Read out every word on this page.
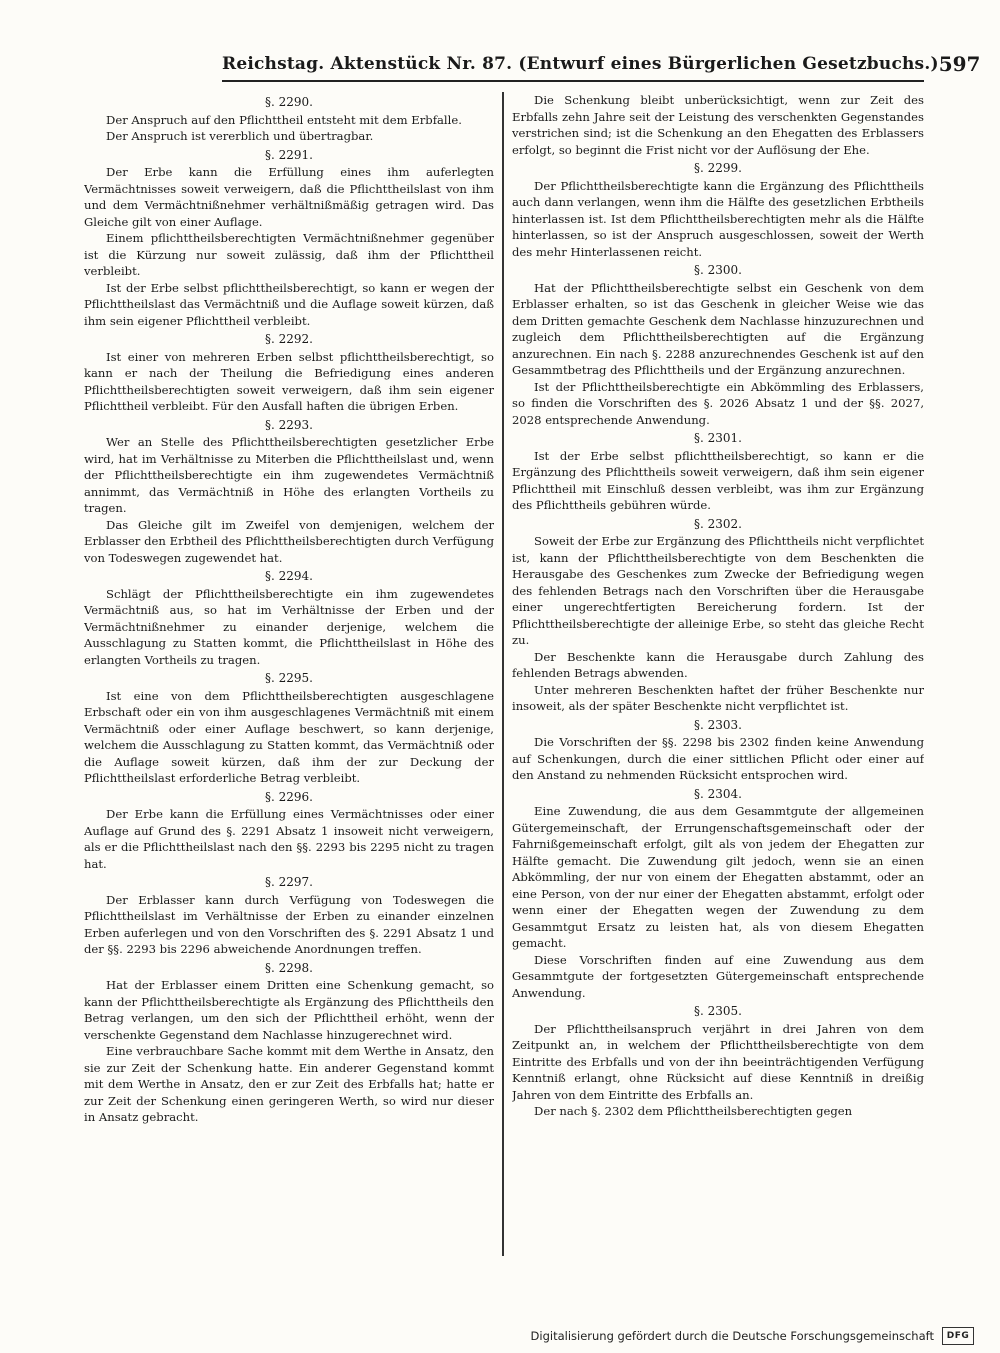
Reichstag. Aktenstück Nr. 87. (Entwurf eines Bürgerlichen Gesetzbuchs.) 597
§. 2290.

Der Anspruch auf den Pflichttheil entsteht mit dem Erbfalle.

Der Anspruch ist vererblich und übertragbar.

§. 2291.

Der Erbe kann die Erfüllung eines ihm auferlegten Vermächtnisses soweit verweigern, daß die Pflichttheilslast von ihm und dem Vermächtnißnehmer verhältnißmäßig getragen wird. Das Gleiche gilt von einer Auflage.

Einem pflichttheilsberechtigten Vermächtnißnehmer gegenüber ist die Kürzung nur soweit zulässig, daß ihm der Pflichttheil verbleibt.

Ist der Erbe selbst pflichttheilsberechtigt, so kann er wegen der Pflichttheilslast das Vermächtniß und die Auflage soweit kürzen, daß ihm sein eigener Pflichttheil verbleibt.

§. 2292.

Ist einer von mehreren Erben selbst pflichttheilsberechtigt, so kann er nach der Theilung die Befriedigung eines anderen Pflichttheilsberechtigten soweit verweigern, daß ihm sein eigener Pflichttheil verbleibt. Für den Ausfall haften die übrigen Erben.

§. 2293.

Wer an Stelle des Pflichttheilsberechtigten gesetzlicher Erbe wird, hat im Verhältnisse zu Miterben die Pflichttheilslast und, wenn der Pflichttheilsberechtigte ein ihm zugewendetes Vermächtniß annimmt, das Vermächtniß in Höhe des erlangten Vortheils zu tragen.

Das Gleiche gilt im Zweifel von demjenigen, welchem der Erblasser den Erbtheil des Pflichttheilsberechtigten durch Verfügung von Todeswegen zugewendet hat.

§. 2294.

Schlägt der Pflichttheilsberechtigte ein ihm zugewendetes Vermächtniß aus, so hat im Verhältnisse der Erben und der Vermächtnißnehmer zu einander derjenige, welchem die Ausschlagung zu Statten kommt, die Pflichttheilslast in Höhe des erlangten Vortheils zu tragen.

§. 2295.

Ist eine von dem Pflichttheilsberechtigten ausgeschlagene Erbschaft oder ein von ihm ausgeschlagenes Vermächtniß mit einem Vermächtniß oder einer Auflage beschwert, so kann derjenige, welchem die Ausschlagung zu Statten kommt, das Vermächtniß oder die Auflage soweit kürzen, daß ihm der zur Deckung der Pflichttheilslast erforderliche Betrag verbleibt.

§. 2296.

Der Erbe kann die Erfüllung eines Vermächtnisses oder einer Auflage auf Grund des §. 2291 Absatz 1 insoweit nicht verweigern, als er die Pflichttheilslast nach den §§. 2293 bis 2295 nicht zu tragen hat.

§. 2297.

Der Erblasser kann durch Verfügung von Todeswegen die Pflichttheilslast im Verhältnisse der Erben zu einander einzelnen Erben auferlegen und von den Vorschriften des §. 2291 Absatz 1 und der §§. 2293 bis 2296 abweichende Anordnungen treffen.

§. 2298.

Hat der Erblasser einem Dritten eine Schenkung gemacht, so kann der Pflichttheilsberechtigte als Ergänzung des Pflichttheils den Betrag verlangen, um den sich der Pflichttheil erhöht, wenn der verschenkte Gegenstand dem Nachlasse hinzugerechnet wird.

Eine verbrauchbare Sache kommt mit dem Werthe in Ansatz, den sie zur Zeit der Schenkung hatte. Ein anderer Gegenstand kommt mit dem Werthe in Ansatz, den er zur Zeit des Erbfalls hat; hatte er zur Zeit der Schenkung einen geringeren Werth, so wird nur dieser in Ansatz gebracht.

Die Schenkung bleibt unberücksichtigt, wenn zur Zeit des Erbfalls zehn Jahre seit der Leistung des verschenkten Gegenstandes verstrichen sind; ist die Schenkung an den Ehegatten des Erblassers erfolgt, so beginnt die Frist nicht vor der Auflösung der Ehe.

§. 2299.

Der Pflichttheilsberechtigte kann die Ergänzung des Pflichttheils auch dann verlangen, wenn ihm die Hälfte des gesetzlichen Erbtheils hinterlassen ist. Ist dem Pflichttheilsberechtigten mehr als die Hälfte hinterlassen, so ist der Anspruch ausgeschlossen, soweit der Werth des mehr Hinterlassenen reicht.

§. 2300.

Hat der Pflichttheilsberechtigte selbst ein Geschenk von dem Erblasser erhalten, so ist das Geschenk in gleicher Weise wie das dem Dritten gemachte Geschenk dem Nachlasse hinzuzurechnen und zugleich dem Pflichttheilsberechtigten auf die Ergänzung anzurechnen. Ein nach §. 2288 anzurechnendes Geschenk ist auf den Gesammtbetrag des Pflichttheils und der Ergänzung anzurechnen.

Ist der Pflichttheilsberechtigte ein Abkömmling des Erblassers, so finden die Vorschriften des §. 2026 Absatz 1 und der §§. 2027, 2028 entsprechende Anwendung.

§. 2301.

Ist der Erbe selbst pflichttheilsberechtigt, so kann er die Ergänzung des Pflichttheils soweit verweigern, daß ihm sein eigener Pflichttheil mit Einschluß dessen verbleibt, was ihm zur Ergänzung des Pflichttheils gebühren würde.

§. 2302.

Soweit der Erbe zur Ergänzung des Pflichttheils nicht verpflichtet ist, kann der Pflichttheilsberechtigte von dem Beschenkten die Herausgabe des Geschenkes zum Zwecke der Befriedigung wegen des fehlenden Betrags nach den Vorschriften über die Herausgabe einer ungerechtfertigten Bereicherung fordern. Ist der Pflichttheilsberechtigte der alleinige Erbe, so steht das gleiche Recht zu.

Der Beschenkte kann die Herausgabe durch Zahlung des fehlenden Betrags abwenden.

Unter mehreren Beschenkten haftet der früher Beschenkte nur insoweit, als der später Beschenkte nicht verpflichtet ist.

§. 2303.

Die Vorschriften der §§. 2298 bis 2302 finden keine Anwendung auf Schenkungen, durch die einer sittlichen Pflicht oder einer auf den Anstand zu nehmenden Rücksicht entsprochen wird.

§. 2304.

Eine Zuwendung, die aus dem Gesammtgute der allgemeinen Gütergemeinschaft, der Errungenschaftsgemeinschaft oder der Fahrnißgemeinschaft erfolgt, gilt als von jedem der Ehegatten zur Hälfte gemacht. Die Zuwendung gilt jedoch, wenn sie an einen Abkömmling, der nur von einem der Ehegatten abstammt, oder an eine Person, von der nur einer der Ehegatten abstammt, erfolgt oder wenn einer der Ehegatten wegen der Zuwendung zu dem Gesammtgut Ersatz zu leisten hat, als von diesem Ehegatten gemacht.

Diese Vorschriften finden auf eine Zuwendung aus dem Gesammtgute der fortgesetzten Gütergemeinschaft entsprechende Anwendung.

§. 2305.

Der Pflichttheilsanspruch verjährt in drei Jahren von dem Zeitpunkt an, in welchem der Pflichttheilsberechtigte von dem Eintritte des Erbfalls und von der ihn beeinträchtigenden Verfügung Kenntniß erlangt, ohne Rücksicht auf diese Kenntniß in dreißig Jahren von dem Eintritte des Erbfalls an.

Der nach §. 2302 dem Pflichttheilsberechtigten gegen

Digitalisierung gefördert durch die Deutsche Forschungsgemeinschaft	DFG
